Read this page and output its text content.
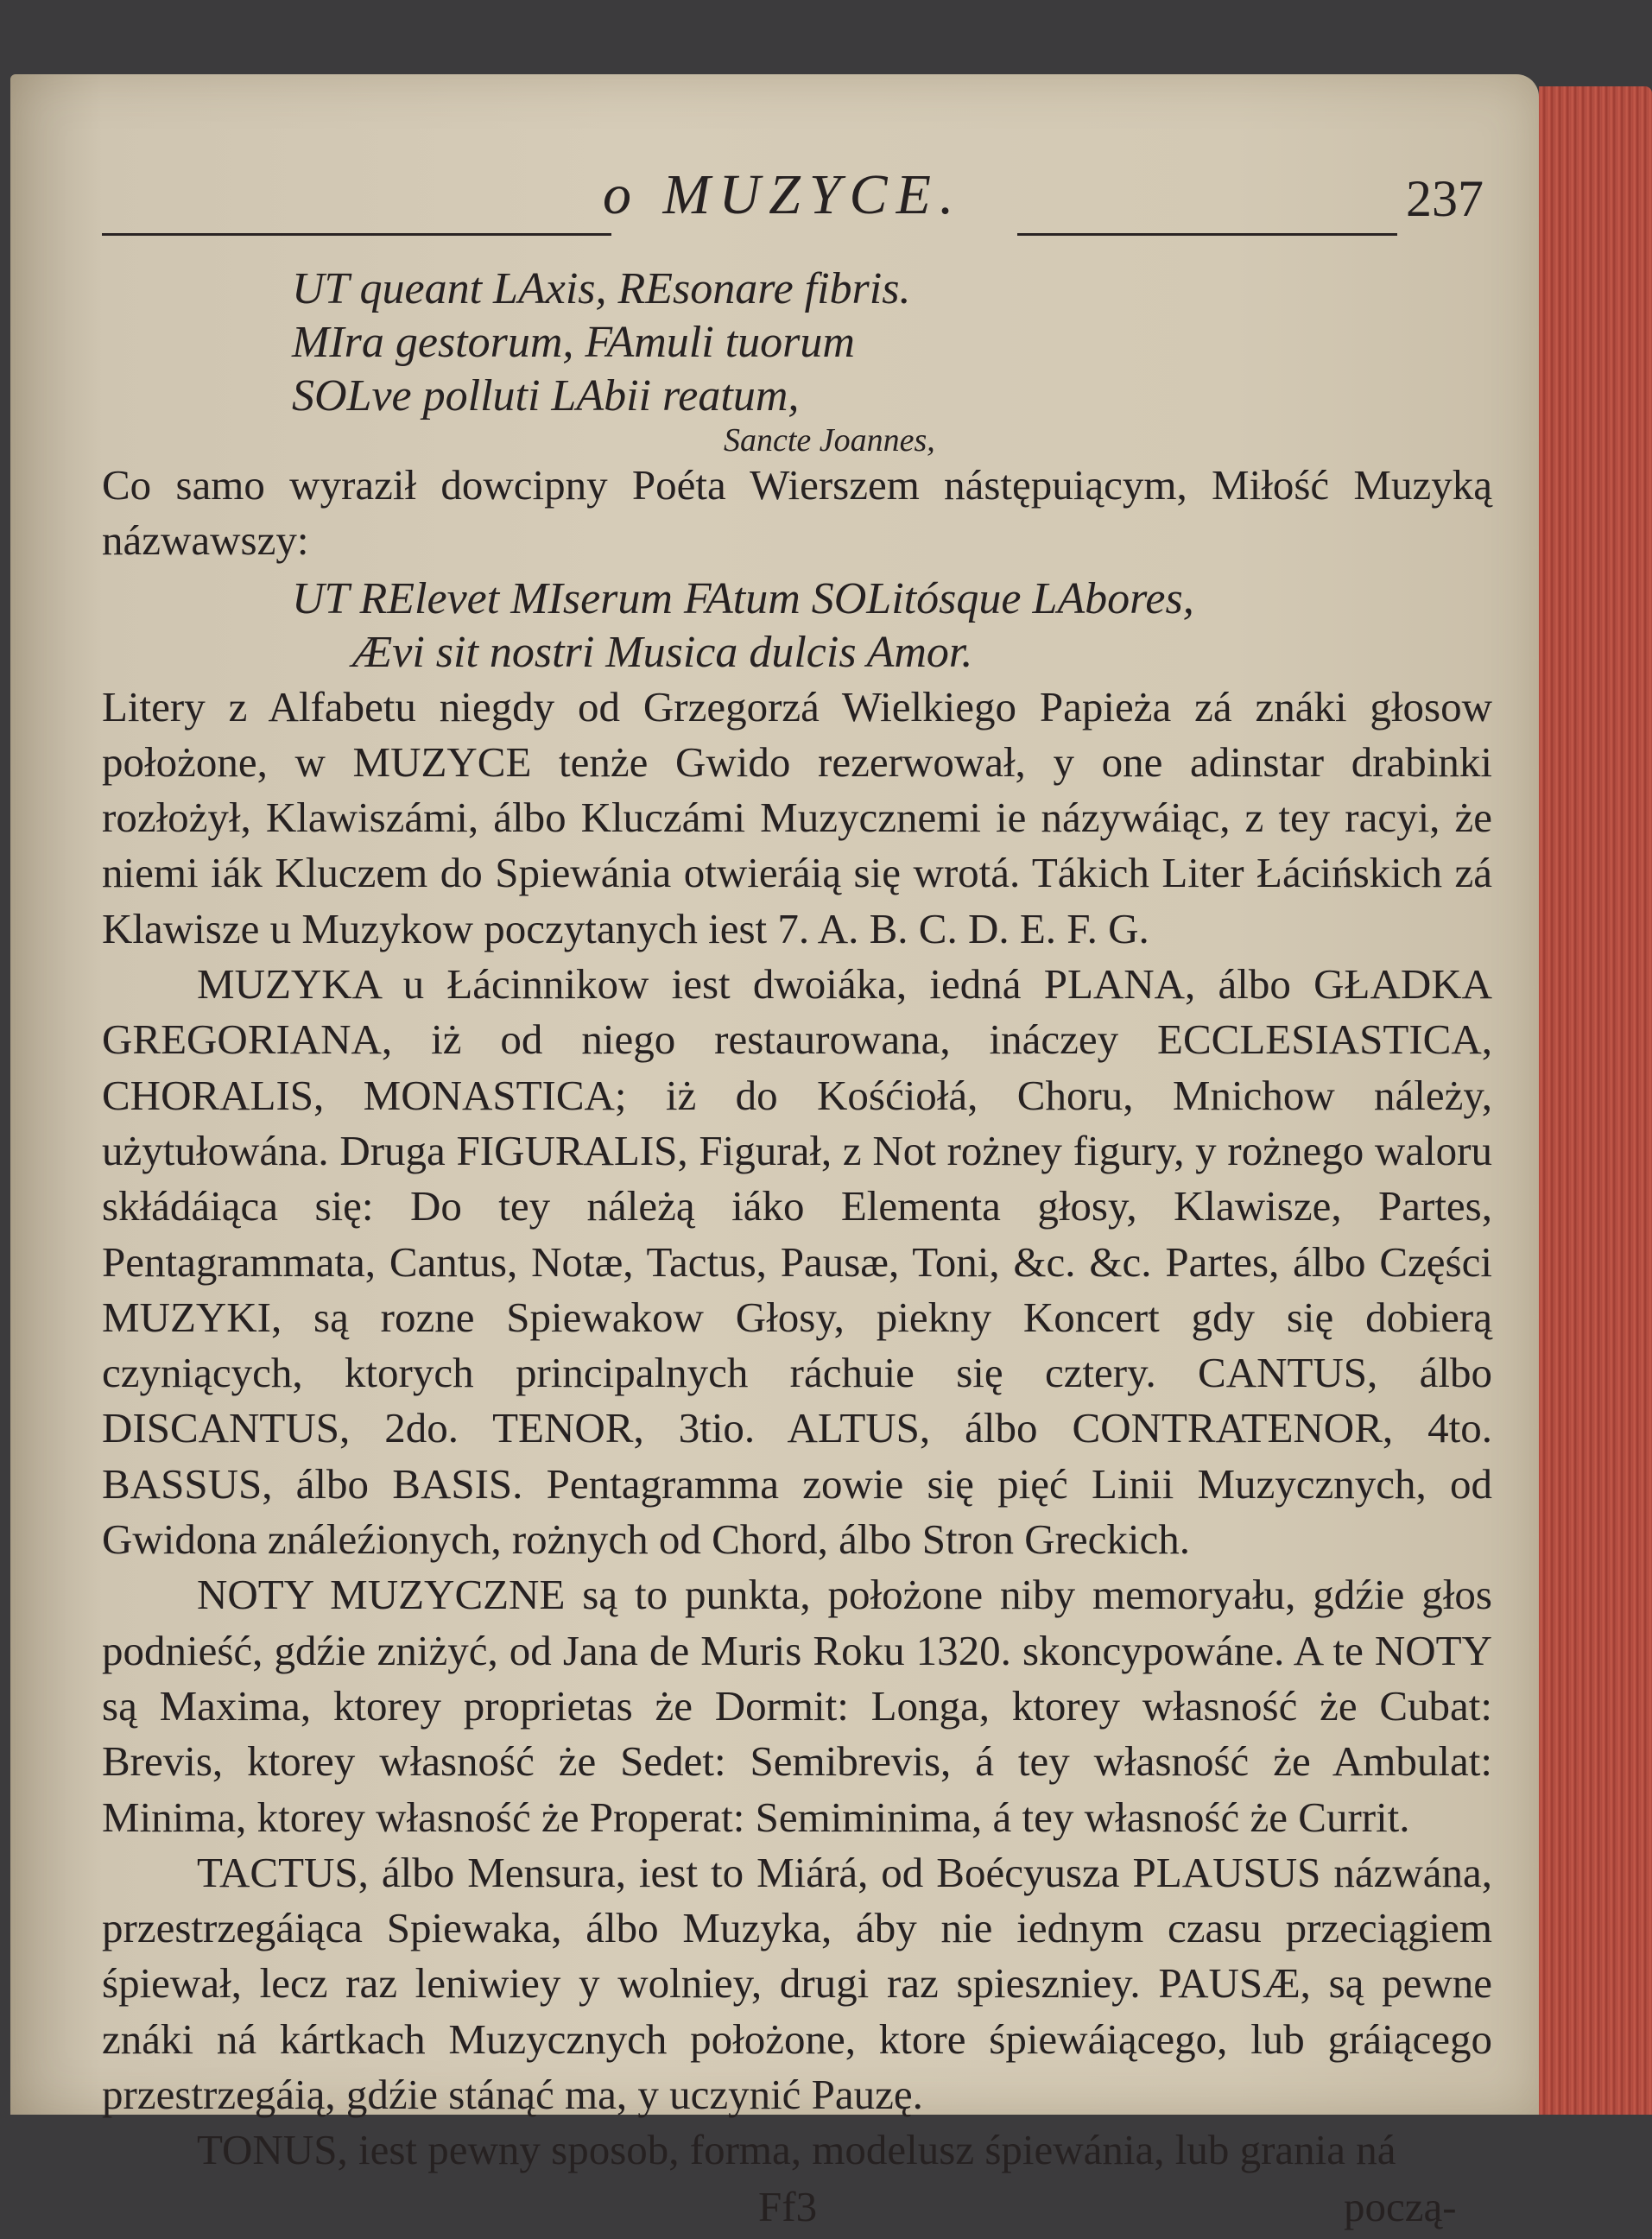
o MUZYCE.	237
UT queant LAxis, REsonare fibris.
MIra gestorum, FAmuli tuorum
SOLve polluti LAbii reatum,
Sancte Joannes,

Co samo wyraził dowcipny Poéta Wierszem nástępuiącym, Miłość Muzyką názwawszy:

UT RElevet MIserum FAtum SOLitósque LAbores,
Ævi sit nostri Musica dulcis Amor.

Litery z Alfabetu niegdy od Grzegorzá Wielkiego Papieża zá znáki głosow położone, w MUZYCE tenże Gwido rezerwował, y one adinstar drabinki rozłożył, Klawiszámi, álbo Kluczámi Muzycznemi ie názywáiąc, z tey racyi, że niemi iák Kluczem do Spiewánia otwieráią się wrotá. Tákich Liter Łácińskich zá Klawisze u Muzykow poczytanych iest 7. A. B. C. D. E. F. G.

MUZYKA u Łácinnikow iest dwoiáka, iedná PLANA, álbo GŁADKA GREGORIANA, iż od niego restaurowana, ináczey ECCLESIASTICA, CHORALIS, MONASTICA; iż do Kośćiołá, Choru, Mnichow náleży, użytułowána. Druga FIGURALIS, Figurał, z Not rożney figury, y rożnego waloru skłádáiąca się: Do tey náleżą iáko Elementa głosy, Klawisze, Partes, Pentagrammata, Cantus, Notæ, Tactus, Pausæ, Toni, &c. &c. Partes, álbo Części MUZYKI, są rozne Spiewakow Głosy, piekny Koncert gdy się dobierą czyniących, ktorych principalnych ráchuie się cztery. CANTUS, álbo DISCANTUS, 2do. TENOR, 3tio. ALTUS, álbo CONTRATENOR, 4to. BASSUS, álbo BASIS. Pentagramma zowie się pięć Linii Muzycznych, od Gwidona ználeźionych, rożnych od Chord, álbo Stron Greckich.

NOTY MUZYCZNE są to punkta, położone niby memoryału, gdźie głos podnieść, gdźie zniżyć, od Jana de Muris Roku 1320. skoncypowáne. A te NOTY są Maxima, ktorey proprietas że Dormit: Longa, ktorey własność że Cubat: Brevis, ktorey własność że Sedet: Semibrevis, á tey własność że Ambulat: Minima, ktorey własność że Properat: Semiminima, á tey własność że Currit.

TACTUS, álbo Mensura, iest to Miárá, od Boécyusza PLAUSUS názwána, przestrzegáiąca Spiewaka, álbo Muzyka, áby nie iednym czasu przeciągiem śpiewał, lecz raz leniwiey y wolniey, drugi raz spieszniey. PAUSÆ, są pewne znáki ná kártkach Muzycznych położone, ktore śpiewáiącego, lub gráiącego przestrzegáią, gdźie stánąć ma, y uczynić Pauzę.

TONUS, iest pewny sposob, forma, modelusz śpiewánia, lub grania ná

Ff3	począ-
